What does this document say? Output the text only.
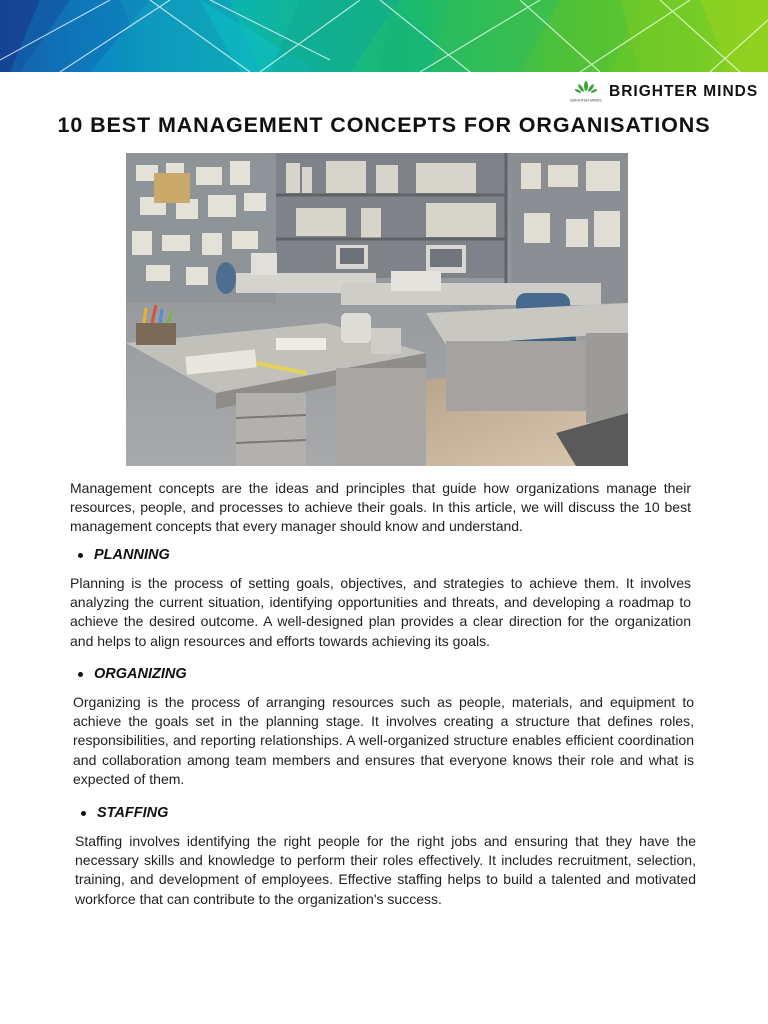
BRIGHTER MINDS
BRIGHTER MINDS
10 BEST MANAGEMENT CONCEPTS FOR ORGANISATIONS

Management concepts are the ideas and principles that guide how organizations manage their resources, people, and processes to achieve their goals. In this article, we will discuss the 10 best management concepts that every manager should know and understand.

PLANNING

Planning is the process of setting goals, objectives, and strategies to achieve them. It involves analyzing the current situation, identifying opportunities and threats, and developing a roadmap to achieve the desired outcome. A well-designed plan provides a clear direction for the organization and helps to align resources and efforts towards achieving its goals.

ORGANIZING

Organizing is the process of arranging resources such as people, materials, and equipment to achieve the goals set in the planning stage. It involves creating a structure that defines roles, responsibilities, and reporting relationships. A well-organized structure enables efficient coordination and collaboration among team members and ensures that everyone knows their role and what is expected of them.

STAFFING

Staffing involves identifying the right people for the right jobs and ensuring that they have the necessary skills and knowledge to perform their roles effectively. It includes recruitment, selection, training, and development of employees. Effective staffing helps to build a talented and motivated workforce that can contribute to the organization's success.
